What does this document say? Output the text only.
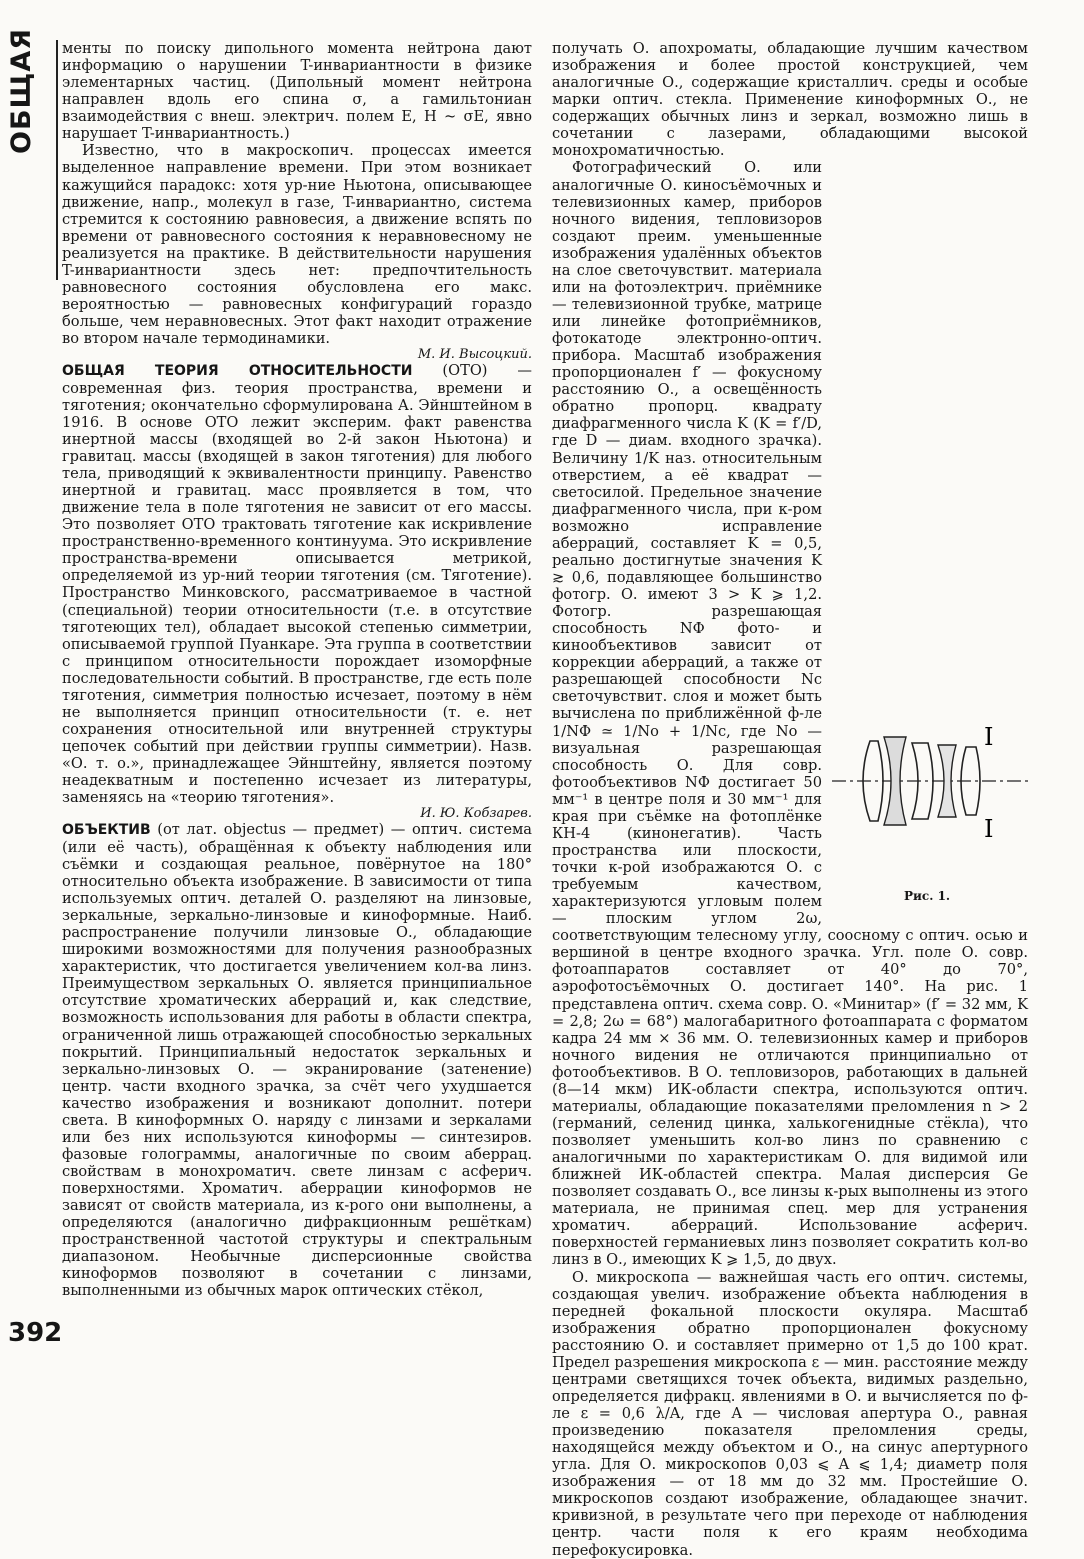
ОБЩАЯ
392

менты по поиску дипольного момента нейтрона дают информацию о нарушении T-инвариантности в физике элементарных частиц. (Дипольный момент нейтрона направлен вдоль его спина σ, а гамильтониан взаимодействия с внеш. электрич. полем E, H ~ σE, явно нарушает T-инвариантность.)

Известно, что в макроскопич. процессах имеется выделенное направление времени. При этом возникает кажущийся парадокс: хотя ур-ние Ньютона, описывающее движение, напр., молекул в газе, T-инвариантно, система стремится к состоянию равновесия, а движение вспять по времени от равновесного состояния к неравновесному не реализуется на практике. В действительности нарушения T-инвариантности здесь нет: предпочтительность равновесного состояния обусловлена его макс. вероятностью — равновесных конфигураций гораздо больше, чем неравновесных. Этот факт находит отражение во втором начале термодинамики.

М. И. Высоцкий.

ОБЩАЯ ТЕОРИЯ ОТНОСИТЕЛЬНОСТИ (ОТО) — современная физ. теория пространства, времени и тяготения; окончательно сформулирована А. Эйнштейном в 1916. В основе ОТО лежит эксперим. факт равенства инертной массы (входящей во 2-й закон Ньютона) и гравитац. массы (входящей в закон тяготения) для любого тела, приводящий к эквивалентности принципу. Равенство инертной и гравитац. масс проявляется в том, что движение тела в поле тяготения не зависит от его массы. Это позволяет ОТО трактовать тяготение как искривление пространственно-временного континуума. Это искривление пространства-времени описывается метрикой, определяемой из ур-ний теории тяготения (см. Тяготение). Пространство Минковского, рассматриваемое в частной (специальной) теории относительности (т.е. в отсутствие тяготеющих тел), обладает высокой степенью симметрии, описываемой группой Пуанкаре. Эта группа в соответствии с принципом относительности порождает изоморфные последовательности событий. В пространстве, где есть поле тяготения, симметрия полностью исчезает, поэтому в нём не выполняется принцип относительности (т. е. нет сохранения относительной или внутренней структуры цепочек событий при действии группы симметрии). Назв. «О. т. о.», принадлежащее Эйнштейну, является поэтому неадекватным и постепенно исчезает из литературы, заменяясь на «теорию тяготения».

И. Ю. Кобзарев.

ОБЪЕКТИВ (от лат. objectus — предмет) — оптич. система (или её часть), обращённая к объекту наблюдения или съёмки и создающая реальное, повёрнутое на 180° относительно объекта изображение. В зависимости от типа используемых оптич. деталей О. разделяют на линзовые, зеркальные, зеркально-линзовые и киноформные. Наиб. распространение получили линзовые О., обладающие широкими возможностями для получения разнообразных характеристик, что достигается увеличением кол-ва линз. Преимуществом зеркальных О. является принципиальное отсутствие хроматических аберраций и, как следствие, возможность использования для работы в области спектра, ограниченной лишь отражающей способностью зеркальных покрытий. Принципиальный недостаток зеркальных и зеркально-линзовых О. — экранирование (затенение) центр. части входного зрачка, за счёт чего ухудшается качество изображения и возникают дополнит. потери света. В киноформных О. наряду с линзами и зеркалами или без них используются киноформы — синтезиров. фазовые голограммы, аналогичные по своим аберрац. свойствам в монохроматич. свете линзам с асферич. поверхностями. Хроматич. аберрации киноформов не зависят от свойств материала, из к-рого они выполнены, а определяются (аналогично дифракционным решёткам) пространственной частотой структуры и спектральным диапазоном. Необычные дисперсионные свойства киноформов позволяют в сочетании с линзами, выполненными из обычных марок оптических стёкол,

получать О. апохроматы, обладающие лучшим качеством изображения и более простой конструкцией, чем аналогичные О., содержащие кристаллич. среды и особые марки оптич. стекла. Применение киноформных О., не содержащих обычных линз и зеркал, возможно лишь в сочетании с лазерами, обладающими высокой монохроматичностью.

I
I
Рис. 1.

Фотографический О. или аналогичные О. киносъёмочных и телевизионных камер, приборов ночного видения, тепловизоров создают преим. уменьшенные изображения удалённых объектов на слое светочувствит. материала или на фотоэлектрич. приёмнике — телевизионной трубке, матрице или линейке фотоприёмников, фотокатоде электронно-оптич. прибора. Масштаб изображения пропорционален f′ — фокусному расстоянию О., а освещённость обратно пропорц. квадрату диафрагменного числа K (K = f′/D, где D — диам. входного зрачка). Величину 1/K наз. относительным отверстием, а её квадрат — светосилой. Предельное значение диафрагменного числа, при к-ром возможно исправление аберраций, составляет K = 0,5, реально достигнутые значения K ≳ 0,6, подавляющее большинство фотогр. О. имеют 3 > K ⩾ 1,2. Фотогр. разрешающая способность NФ фото- и кинообъективов зависит от коррекции аберраций, а также от разрешающей способности Nс светочувствит. слоя и может быть вычислена по приближённой ф-ле 1/NФ ≃ 1/Nо + 1/Nс, где Nо — визуальная разрешающая способность О. Для совр. фотообъективов NФ достигает 50 мм⁻¹ в центре поля и 30 мм⁻¹ для края при съёмке на фотоплёнке КН-4 (кинонегатив). Часть пространства или плоскости, точки к-рой изображаются О. с требуемым качеством, характеризуются угловым полем — плоским углом 2ω, соответствующим телесному углу, соосному с оптич. осью и вершиной в центре входного зрачка. Угл. поле О. совр. фотоаппаратов составляет от 40° до 70°, аэрофотосъёмочных О. достигает 140°. На рис. 1 представлена оптич. схема совр. О. «Минитар» (f′ = 32 мм, K = 2,8; 2ω = 68°) малогабаритного фотоаппарата с форматом кадра 24 мм × 36 мм. О. телевизионных камер и приборов ночного видения не отличаются принципиально от фотообъективов. В О. тепловизоров, работающих в дальней (8—14 мкм) ИК-области спектра, используются оптич. материалы, обладающие показателями преломления n > 2 (германий, селенид цинка, халькогенидные стёкла), что позволяет уменьшить кол-во линз по сравнению с аналогичными по характеристикам О. для видимой или ближней ИК-областей спектра. Малая дисперсия Ge позволяет создавать О., все линзы к-рых выполнены из этого материала, не принимая спец. мер для устранения хроматич. аберраций. Использование асферич. поверхностей германиевых линз позволяет сократить кол-во линз в О., имеющих K ⩾ 1,5, до двух.

О. микроскопа — важнейшая часть его оптич. системы, создающая увелич. изображение объекта наблюдения в передней фокальной плоскости окуляра. Масштаб изображения обратно пропорционален фокусному расстоянию О. и составляет примерно от 1,5 до 100 крат. Предел разрешения микроскопа ε — мин. расстояние между центрами светящихся точек объекта, видимых раздельно, определяется дифракц. явлениями в О. и вычисляется по ф-ле ε = 0,6 λ/A, где A — числовая апертура О., равная произведению показателя преломления среды, находящейся между объектом и О., на синус апертурного угла. Для О. микроскопов 0,03 ⩽ A ⩽ 1,4; диаметр поля изображения — от 18 мм до 32 мм. Простейшие О. микроскопов создают изображение, обладающее значит. кривизной, в результате чего при переходе от наблюдения центр. части поля к его краям необходима перефокусировка.
